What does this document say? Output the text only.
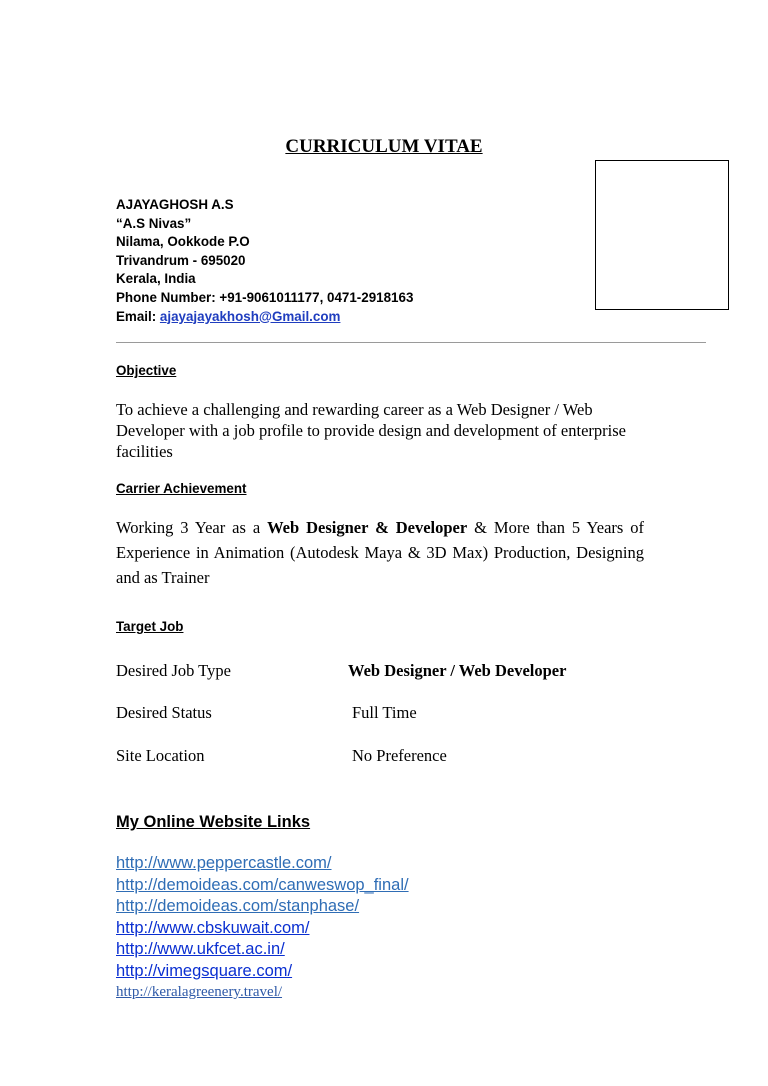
CURRICULUM VITAE
AJAYAGHOSH A.S
“A.S Nivas”
Nilama, Ookkode P.O
Trivandrum - 695020
Kerala, India
Phone Number: +91-9061011177, 0471-2918163
Email: ajayajayakhosh@Gmail.com
Objective
To achieve a challenging and rewarding career as a Web Designer / Web Developer with a job profile to provide design and development of enterprise facilities
Carrier Achievement
Working 3 Year as a Web Designer & Developer & More than 5 Years of Experience in Animation (Autodesk Maya & 3D Max) Production, Designing and as Trainer
Target Job
Desired Job Type	Web Designer / Web Developer
Desired Status	Full Time
Site Location	No Preference
My Online Website Links
http://www.peppercastle.com/
http://demoideas.com/canweswop_final/
http://demoideas.com/stanphase/
http://www.cbskuwait.com/
http://www.ukfcet.ac.in/
http://vimegsquare.com/
http://keralagreenery.travel/
